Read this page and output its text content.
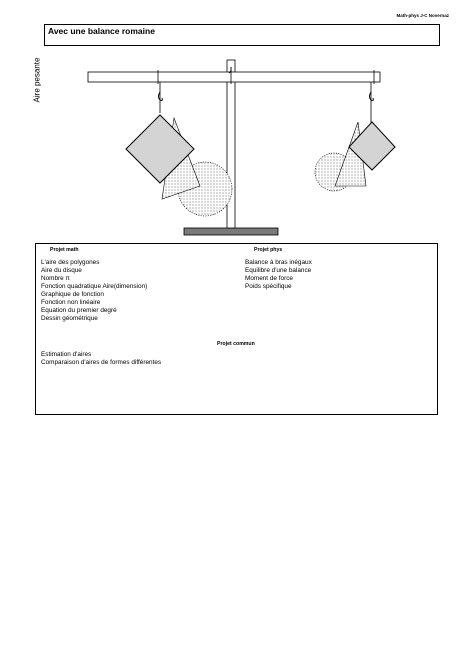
Math-phys J-C Novernaz
Avec une balance romaine
Aire pesante
Projet math
L'aire des polygones
Aire du disque
Nombre π
Fonction quadratique Aire(dimension)
Graphique de fonction
Fonction non linéaire
Equation du premier degré
Dessin géométrique
Projet phys
Balance à bras inégaux
Equilibre d'une balance
Moment de force
Poids spécifique
Projet commun
Estimation d'aires
Comparaison d'aires de formes différentes
